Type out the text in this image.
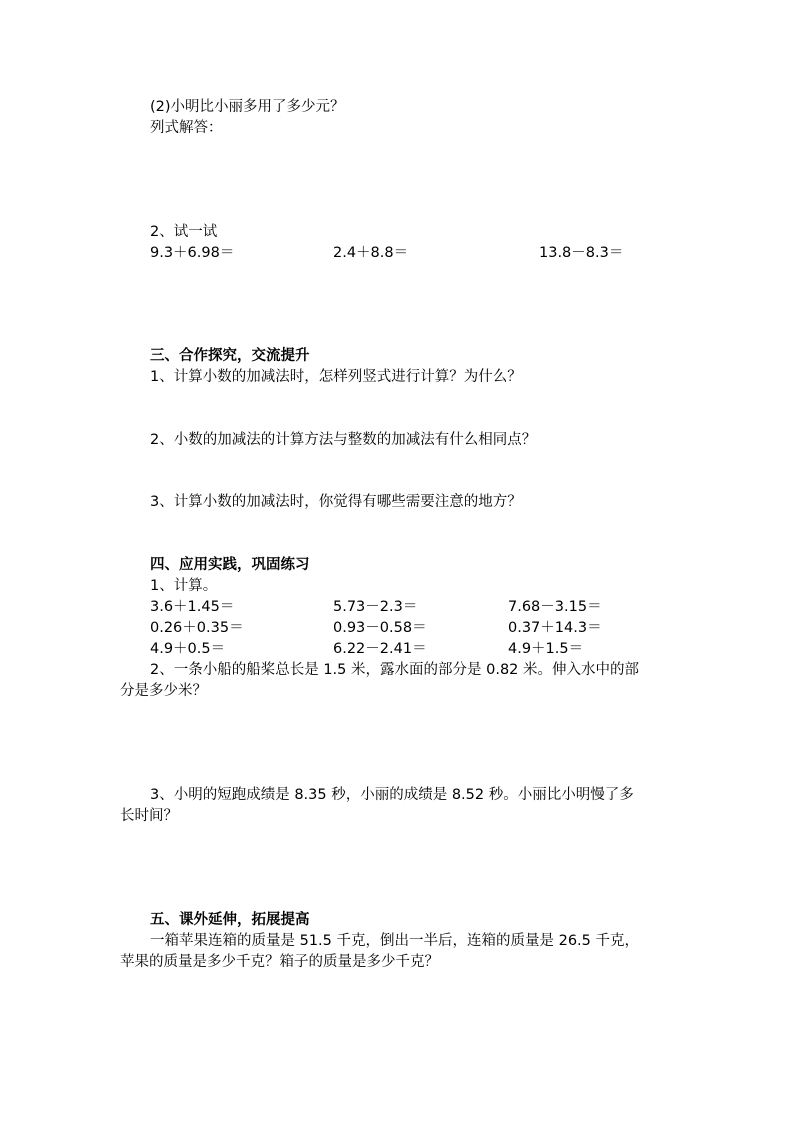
(2)小明比小丽多用了多少元？
列式解答：
2、试一试
9.3＋6.98＝	2.4＋8.8＝	13.8－8.3＝
三、合作探究，交流提升
1、计算小数的加减法时，怎样列竖式进行计算？为什么？
2、小数的加减法的计算方法与整数的加减法有什么相同点？
3、计算小数的加减法时，你觉得有哪些需要注意的地方？
四、应用实践，巩固练习
1、计算。
3.6＋1.45＝	5.73－2.3＝	7.68－3.15＝
0.26＋0.35＝	0.93－0.58＝	0.37＋14.3＝
4.9＋0.5＝	6.22－2.41＝	4.9＋1.5＝
2、一条小船的船桨总长是 1.5 米，露水面的部分是 0.82 米。伸入水中的部
分是多少米？
3、小明的短跑成绩是 8.35 秒，小丽的成绩是 8.52 秒。小丽比小明慢了多
长时间？
五、课外延伸，拓展提高
一箱苹果连箱的质量是 51.5 千克，倒出一半后，连箱的质量是 26.5 千克，
苹果的质量是多少千克？箱子的质量是多少千克？
